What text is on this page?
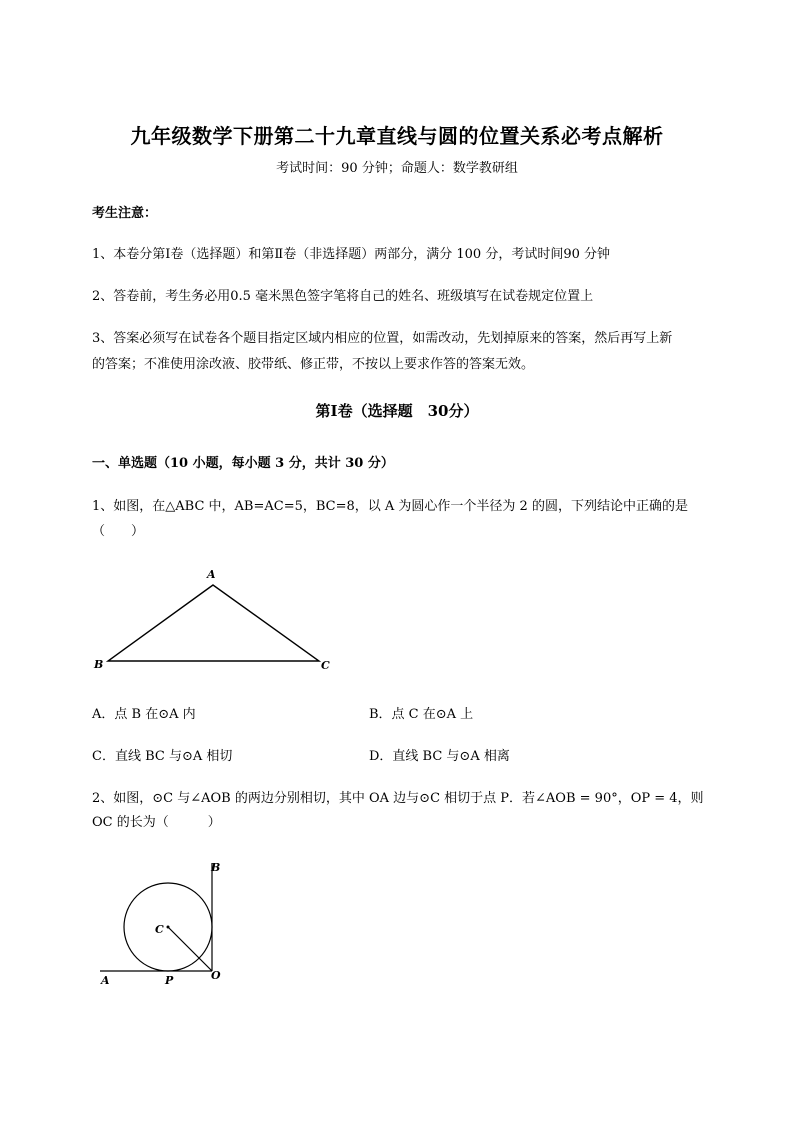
九年级数学下册第二十九章直线与圆的位置关系必考点解析
考试时间：90 分钟；命题人：数学教研组
考生注意：
1、本卷分第Ⅰ卷（选择题）和第Ⅱ卷（非选择题）两部分，满分 100 分，考试时间90 分钟
2、答卷前，考生务必用0.5 毫米黑色签字笔将自己的姓名、班级填写在试卷规定位置上
3、答案必须写在试卷各个题目指定区域内相应的位置，如需改动，先划掉原来的答案，然后再写上新
的答案；不准使用涂改液、胶带纸、修正带，不按以上要求作答的答案无效。
第Ⅰ卷（选择题　30分）
一、单选题（10 小题，每小题 3 分，共计 30 分）
1、如图，在△ABC 中，AB=AC=5，BC=8，以 A 为圆心作一个半径为 2 的圆，下列结论中正确的是
（　　）
A
B	C
A．点 B 在⊙A 内	B．点 C 在⊙A 上
C．直线 BC 与⊙A 相切	D．直线 BC 与⊙A 相离
2、如图，⊙C 与∠AOB 的两边分别相切，其中 OA 边与⊙C 相切于点 P．若∠AOB = 90°，OP = 4，则
OC 的长为（　　　）
B
C
O
A	P
